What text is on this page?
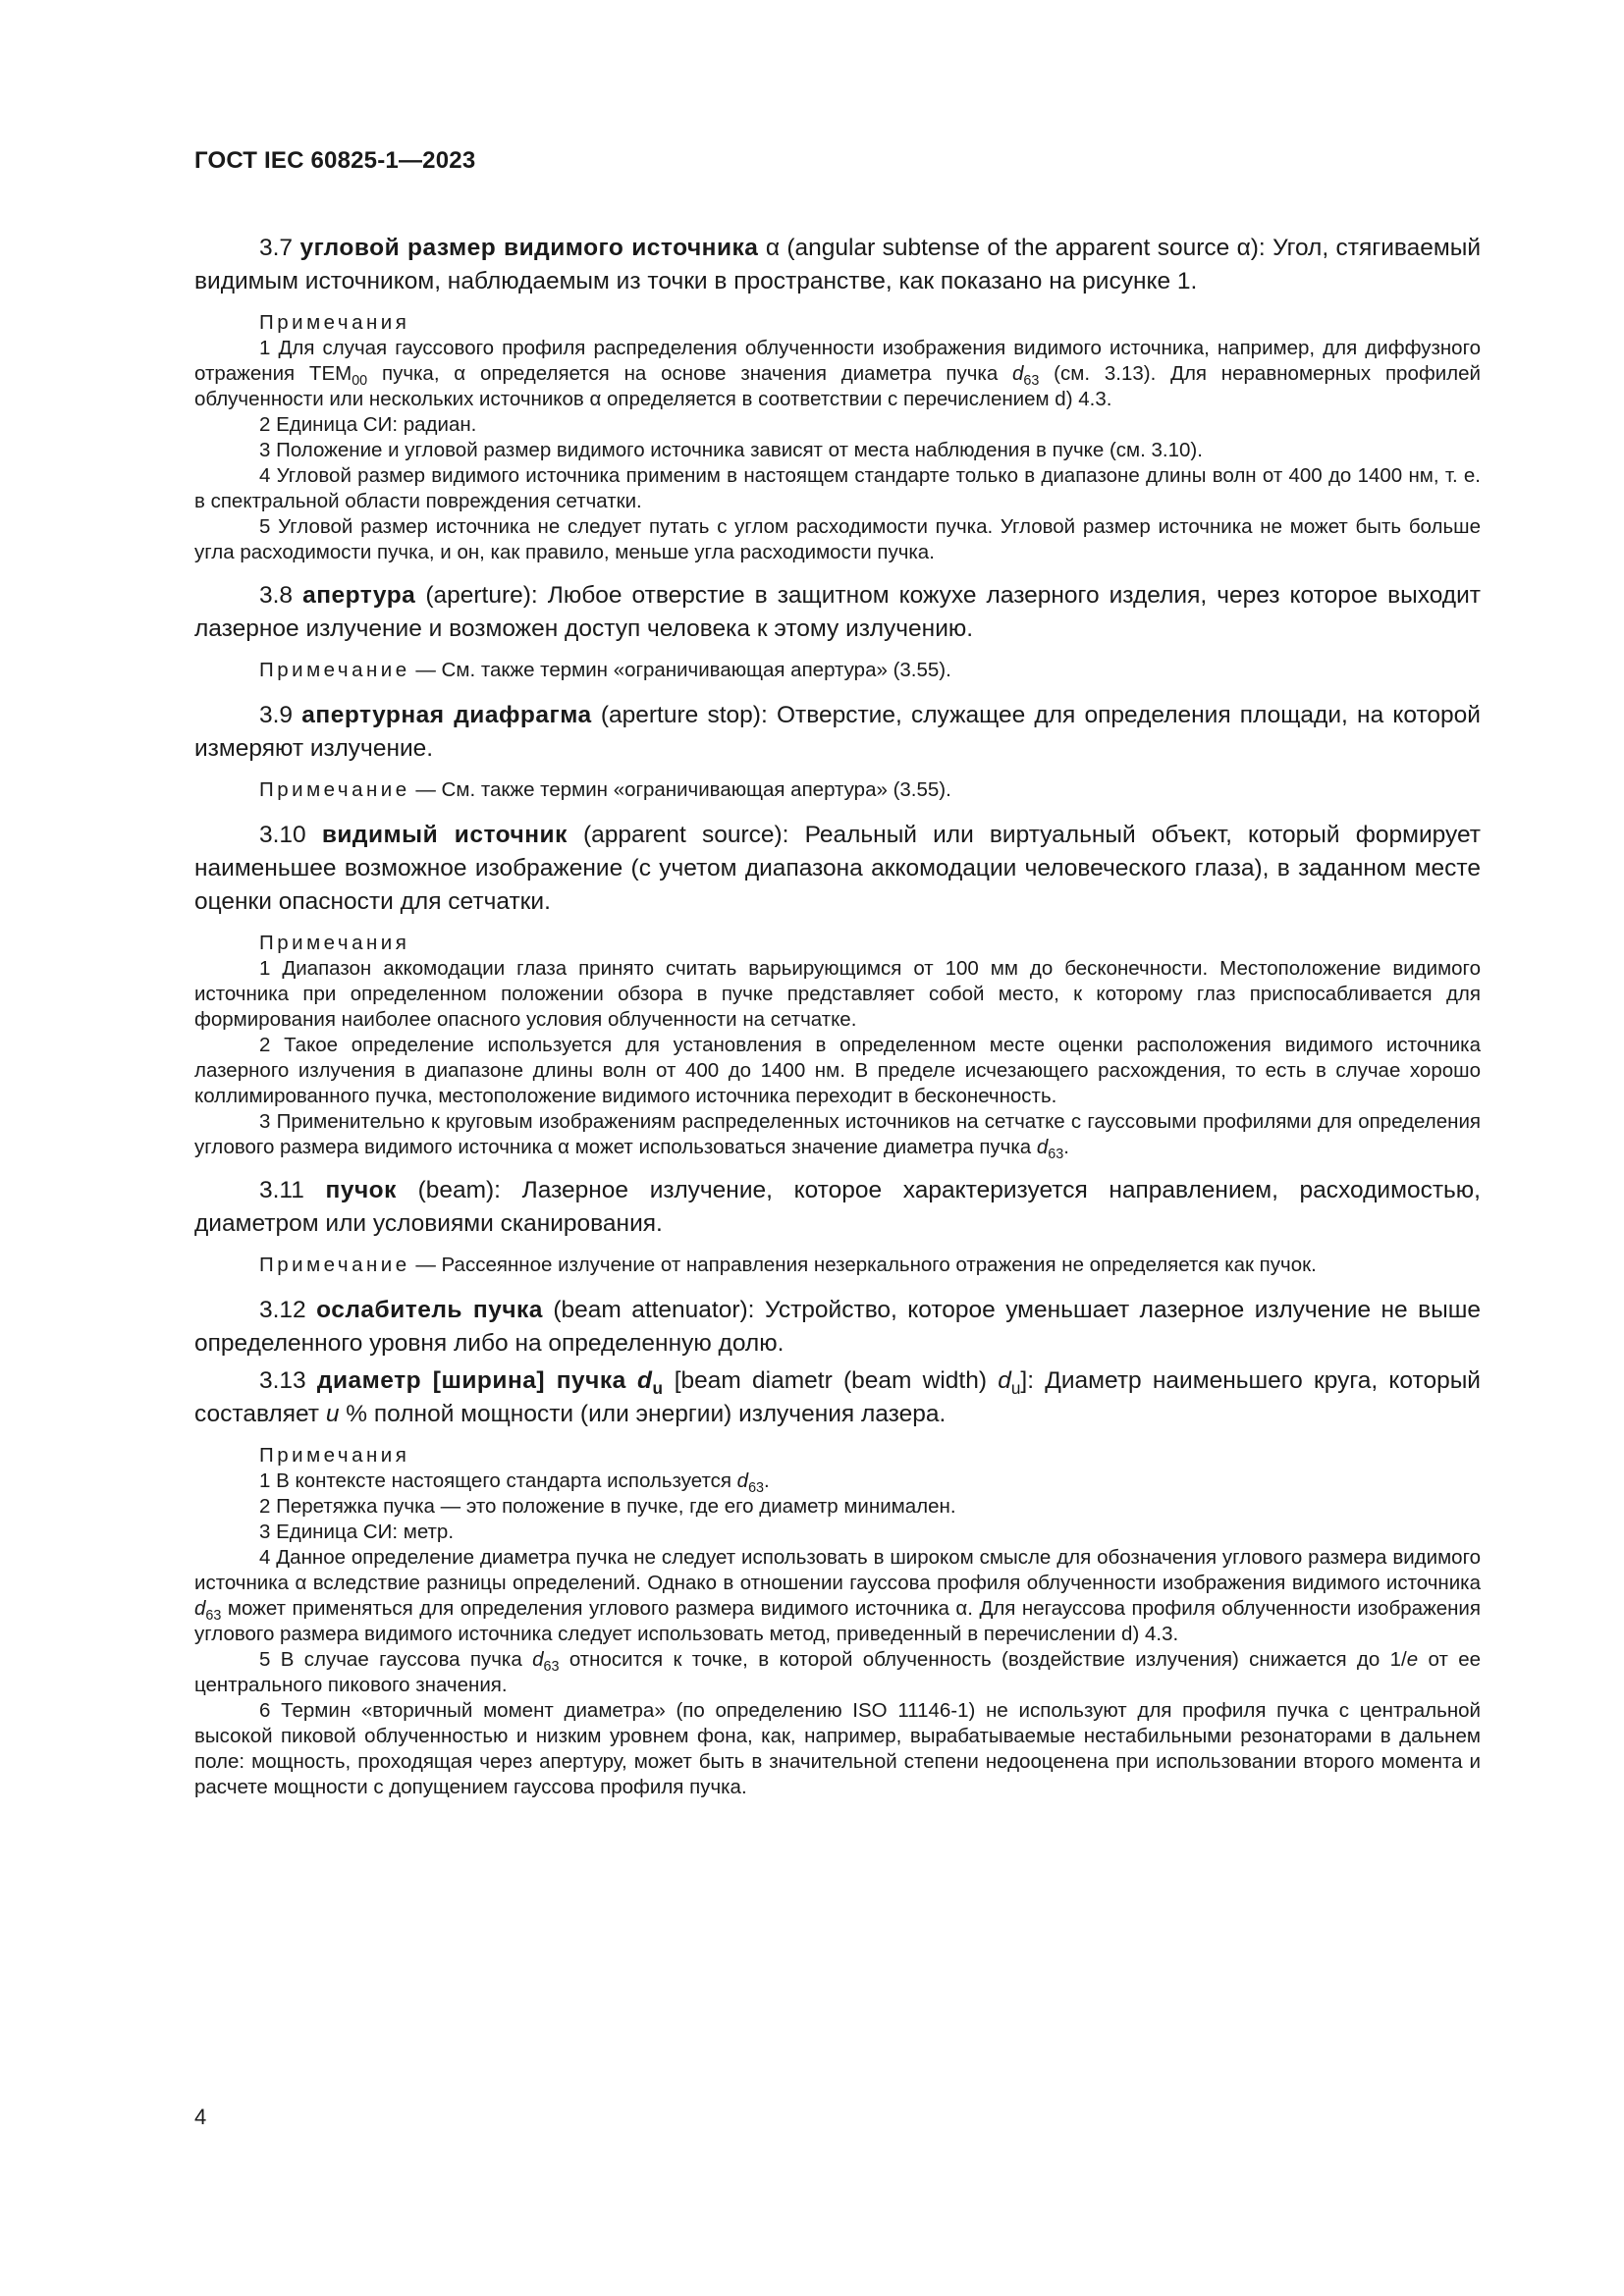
ГОСТ IEC 60825-1—2023

3.7 угловой размер видимого источника α (angular subtense of the apparent source α): Угол, стягиваемый видимым источником, наблюдаемым из точки в пространстве, как показано на рисунке 1.

Примечания
1 Для случая гауссового профиля распределения облученности изображения видимого источника, например, для диффузного отражения $TEM_{00}$ пучка, α определяется на основе значения диаметра пучка $d_{63}$ (см. 3.13). Для неравномерных профилей облученности или нескольких источников α определяется в соответствии с перечислением d) 4.3.
2 Единица СИ: радиан.
3 Положение и угловой размер видимого источника зависят от места наблюдения в пучке (см. 3.10).
4 Угловой размер видимого источника применим в настоящем стандарте только в диапазоне длины волн от 400 до 1400 нм, т. е. в спектральной области повреждения сетчатки.
5 Угловой размер источника не следует путать с углом расходимости пучка. Угловой размер источника не может быть больше угла расходимости пучка, и он, как правило, меньше угла расходимости пучка.

3.8 апертура (aperture): Любое отверстие в защитном кожухе лазерного изделия, через которое выходит лазерное излучение и возможен доступ человека к этому излучению.

Примечание — См. также термин «ограничивающая апертура» (3.55).

3.9 апертурная диафрагма (aperture stop): Отверстие, служащее для определения площади, на которой измеряют излучение.

Примечание — См. также термин «ограничивающая апертура» (3.55).

3.10 видимый источник (apparent source): Реальный или виртуальный объект, который формирует наименьшее возможное изображение (с учетом диапазона аккомодации человеческого глаза), в заданном месте оценки опасности для сетчатки.

Примечания
1 Диапазон аккомодации глаза принято считать варьирующимся от 100 мм до бесконечности. Местоположение видимого источника при определенном положении обзора в пучке представляет собой место, к которому глаз приспосабливается для формирования наиболее опасного условия облученности на сетчатке.
2 Такое определение используется для установления в определенном месте оценки расположения видимого источника лазерного излучения в диапазоне длины волн от 400 до 1400 нм. В пределе исчезающего расхождения, то есть в случае хорошо коллимированного пучка, местоположение видимого источника переходит в бесконечность.
3 Применительно к круговым изображениям распределенных источников на сетчатке с гауссовыми профилями для определения углового размера видимого источника α может использоваться значение диаметра пучка $d_{63}$.

3.11 пучок (beam): Лазерное излучение, которое характеризуется направлением, расходимостью, диаметром или условиями сканирования.

Примечание — Рассеянное излучение от направления незеркального отражения не определяется как пучок.

3.12 ослабитель пучка (beam attenuator): Устройство, которое уменьшает лазерное излучение не выше определенного уровня либо на определенную долю.

3.13 диаметр [ширина] пучка $d_u$ [beam diametr (beam width) $d_u$]: Диаметр наименьшего круга, который составляет u % полной мощности (или энергии) излучения лазера.

Примечания
1 В контексте настоящего стандарта используется $d_{63}$.
2 Перетяжка пучка — это положение в пучке, где его диаметр минимален.
3 Единица СИ: метр.
4 Данное определение диаметра пучка не следует использовать в широком смысле для обозначения углового размера видимого источника α вследствие разницы определений. Однако в отношении гауссова профиля облученности изображения видимого источника $d_{63}$ может применяться для определения углового размера видимого источника α. Для негауссова профиля облученности изображения углового размера видимого источника следует использовать метод, приведенный в перечислении d) 4.3.
5 В случае гауссова пучка $d_{63}$ относится к точке, в которой облученность (воздействие излучения) снижается до 1/e от ее центрального пикового значения.
6 Термин «вторичный момент диаметра» (по определению ISO 11146-1) не используют для профиля пучка с центральной высокой пиковой облученностью и низким уровнем фона, как, например, вырабатываемые нестабильными резонаторами в дальнем поле: мощность, проходящая через апертуру, может быть в значительной степени недооценена при использовании второго момента и расчете мощности с допущением гауссова профиля пучка.
4
